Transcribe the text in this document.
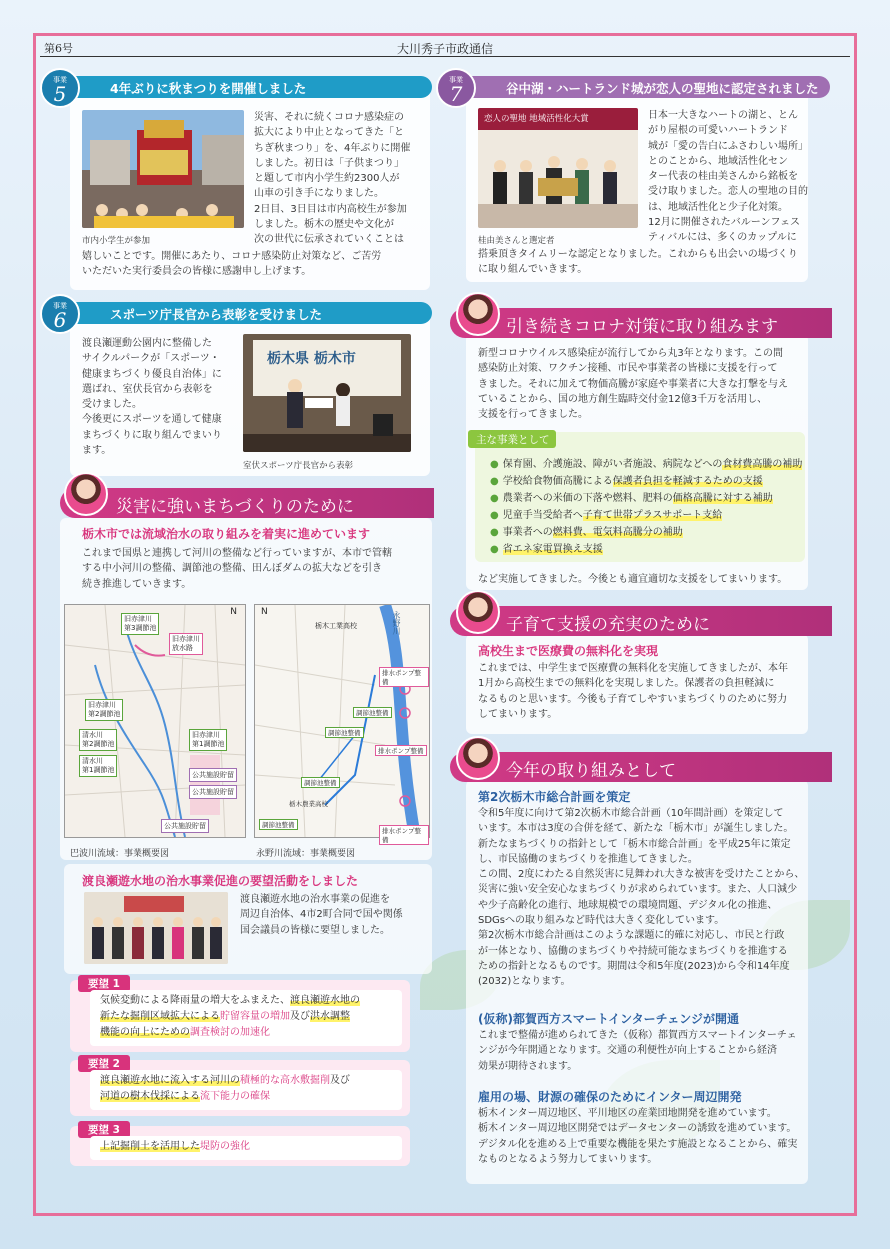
第6号	大川秀子市政通信
4年ぶりに秋まつりを開催しました
事業
5
市内小学生が参加
災害、それに続くコロナ感染症の
拡大により中止となってきた「と
ちぎ秋まつり」を、4年ぶりに開催
しました。初日は「子供まつり」
と題して市内小学生約2300人が
山車の引き手になりました。
2日目、3日目は市内高校生が参加
しました。栃木の歴史や文化が
次の世代に伝承されていくことは
嬉しいことです。開催にあたり、コロナ感染防止対策など、ご苦労
いただいた実行委員会の皆様に感謝申し上げます。
スポーツ庁長官から表彰を受けました
事業
6
渡良瀬運動公園内に整備した
サイクルパークが「スポーツ・
健康まちづくり優良自治体」に
選ばれ、室伏長官から表彰を
受けました。
今後更にスポーツを通して健康
まちづくりに取り組んでまいり
ます。
栃木県 栃木市
室伏スポーツ庁長官から表彰
谷中湖・ハートランド城が恋人の聖地に認定されました
事業
7
恋人の聖地 地域活性化大賞
桂由美さんと選定者
日本一大きなハートの湖と、とん
がり屋根の可愛いハートランド
城が「愛の告白にふさわしい場所」
とのことから、地域活性化セン
ター代表の桂由美さんから銘板を
受け取りました。恋人の聖地の目的
は、地域活性化と少子化対策。
12月に開催されたバルーンフェス
ティバルには、多くのカップルに
搭乗頂きタイムリーな認定となりました。これからも出会いの場づくり
に取り組んでいきます。
災害に強いまちづくりのために
栃木市では流域治水の取り組みを着実に進めています
これまで国県と連携して河川の整備など行っていますが、本市で管轄
する中小河川の整備、調節池の整備、田んぼダムの拡大などを引き
続き推進していきます。
N
旧赤津川
第3調節池
旧赤津川
放水路
旧赤津川
第2調節池
清水川
第2調節池
旧赤津川
第1調節池
清水川
第1調節池
公共施設貯留
公共施設貯留
公共施設貯留
巴波川流域：事業概要図
N
栃木工業高校	永野川
排水ポンプ整備
排水ポンプ整備
調節池整備
調節池整備
調節池整備
栃木農業高校
調節池整備
排水ポンプ整備
永野川流域：事業概要図
渡良瀬遊水地の治水事業促進の要望活動をしました
渡良瀬遊水地の治水事業の促進を
周辺自治体、4市2町合同で国や関係
国会議員の皆様に要望しました。
要望 1
気候変動による降雨量の増大をふまえた、渡良瀬遊水地の
新たな掘削区域拡大による貯留容量の増加及び洪水調整
機能の向上にための調査検討の加速化
要望 2
渡良瀬遊水地に流入する河川の積極的な高水敷掘削及び
河道の樹木伐採による流下能力の確保
要望 3
上記掘削土を活用した堤防の強化
引き続きコロナ対策に取り組みます
新型コロナウイルス感染症が流行してから丸3年となります。この間
感染防止対策、ワクチン接種、市民や事業者の皆様に支援を行って
きました。それに加えて物価高騰が家庭や事業者に大きな打撃を与え
ていることから、国の地方創生臨時交付金12億3千万を活用し、
支援を行ってきました。
主な事業として
● 保育園、介護施設、障がい者施設、病院などへの食材費高騰の補助
● 学校給食物価高騰による保護者負担を軽減するための支援
● 農業者への米価の下落や燃料、肥料の価格高騰に対する補助
● 児童手当受給者へ子育て世帯プラスサポート支給
● 事業者への燃料費、電気料高騰分の補助
● 省エネ家電買換え支援
など実施してきました。今後とも適宜適切な支援をしてまいります。
子育て支援の充実のために
高校生まで医療費の無料化を実現
これまでは、中学生まで医療費の無料化を実施してきましたが、本年
1月から高校生までの無料化を実現しました。保護者の負担軽減に
なるものと思います。今後も子育てしやすいまちづくりのために努力
してまいります。
今年の取り組みとして
第2次栃木市総合計画を策定
令和5年度に向けて第2次栃木市総合計画（10年間計画）を策定して
います。本市は3度の合併を経て、新たな「栃木市」が誕生しました。
新たなまちづくりの指針として「栃木市総合計画」を平成25年に策定
し、市民協働のまちづくりを推進してきました。
この間、2度にわたる自然災害に見舞われ大きな被害を受けたことから、
災害に強い安全安心なまちづくりが求められています。また、人口減少
や少子高齢化の進行、地球規模での環境問題、デジタル化の推進、
SDGsへの取り組みなど時代は大きく変化しています。
第2次栃木市総合計画はこのような課題に的確に対応し、市民と行政
が一体となり、協働のまちづくりや持続可能なまちづくりを推進する
ための指針となるものです。期間は令和5年度(2023)から令和14年度
(2032)となります。
(仮称)都賀西方スマートインターチェンジが開通
これまで整備が進められてきた（仮称）都賀西方スマートインターチェ
ンジが今年開通となります。交通の利便性が向上することから経済
効果が期待されます。
雇用の場、財源の確保のためにインター周辺開発
栃木インター周辺地区、平川地区の産業団地開発を進めています。
栃木インター周辺地区開発ではデータセンターの誘致を進めています。
デジタル化を進める上で重要な機能を果たす施設となることから、確実
なものとなるよう努力してまいります。
